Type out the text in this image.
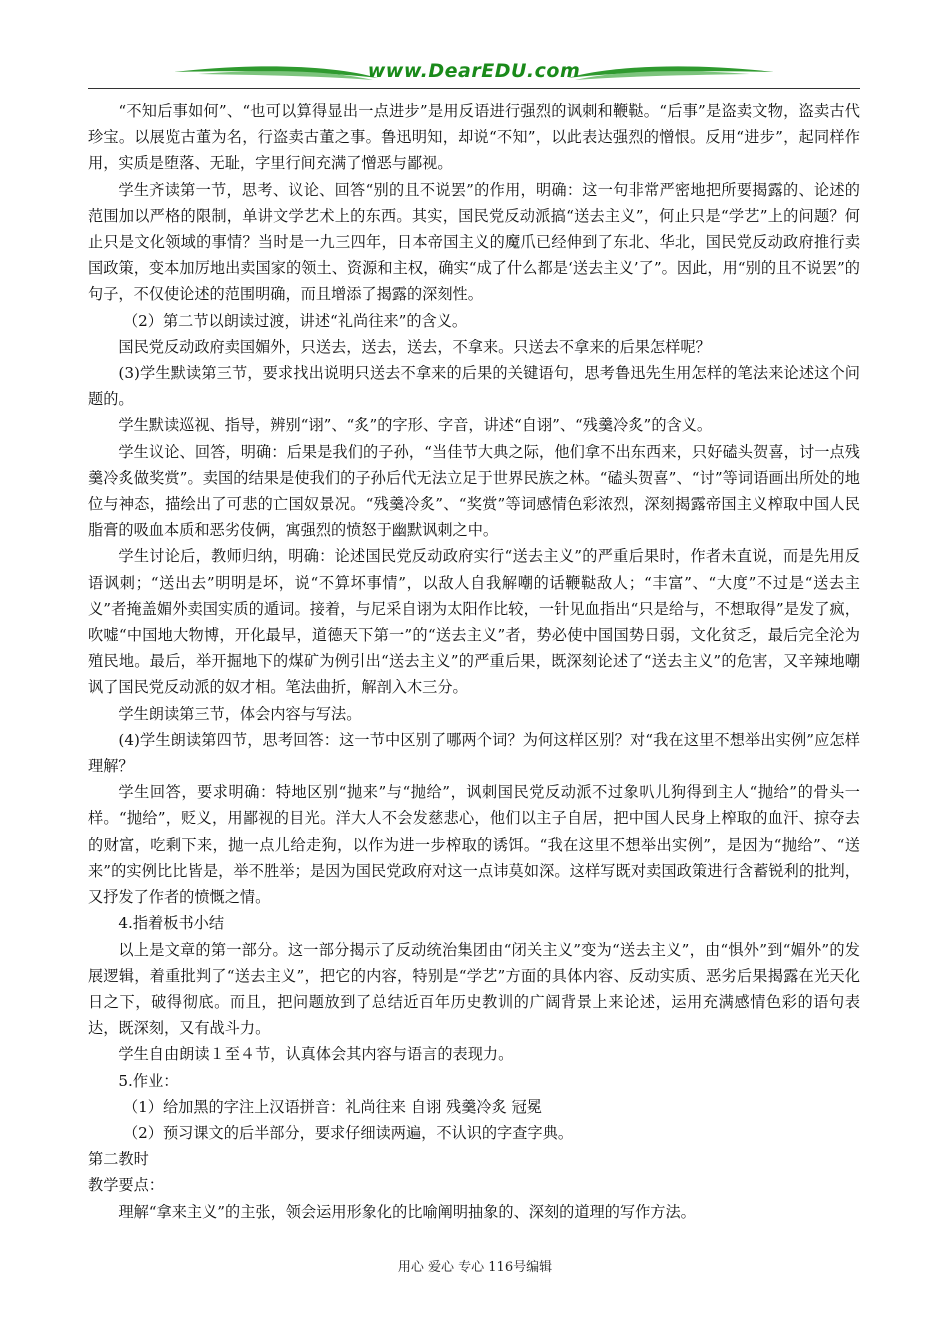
www.DearEDU.com

“不知后事如何”、“也可以算得显出一点进步”是用反语进行强烈的讽刺和鞭鞑。“后事”是盗卖文物，盗卖古代珍宝。以展览古董为名，行盗卖古董之事。鲁迅明知，却说“不知”，以此表达强烈的憎恨。反用“进步”，起同样作用，实质是堕落、无耻，字里行间充满了憎恶与鄙视。

学生齐读第一节，思考、议论、回答“别的且不说罢”的作用，明确：这一句非常严密地把所要揭露的、论述的范围加以严格的限制，单讲文学艺术上的东西。其实，国民党反动派搞“送去主义”，何止只是“学艺”上的问题？何止只是文化领域的事情？当时是一九三四年，日本帝国主义的魔爪已经伸到了东北、华北，国民党反动政府推行卖国政策，变本加厉地出卖国家的领土、资源和主权，确实“成了什么都是‘送去主义’了”。因此，用“别的且不说罢”的句子，不仅使论述的范围明确，而且增添了揭露的深刻性。

（2）第二节以朗读过渡，讲述“礼尚往来”的含义。

国民党反动政府卖国媚外，只送去，送去，送去，不拿来。只送去不拿来的后果怎样呢？

(3)学生默读第三节，要求找出说明只送去不拿来的后果的关键语句，思考鲁迅先生用怎样的笔法来论述这个问题的。

学生默读巡视、指导，辨别“诩”、“炙”的字形、字音，讲述“自诩”、“残羹冷炙”的含义。

学生议论、回答，明确：后果是我们的子孙，“当佳节大典之际，他们拿不出东西来，只好磕头贺喜，讨一点残羹冷炙做奖赏”。卖国的结果是使我们的子孙后代无法立足于世界民族之林。“磕头贺喜”、“讨”等词语画出所处的地位与神态，描绘出了可悲的亡国奴景况。“残羹冷炙”、“奖赏”等词感情色彩浓烈，深刻揭露帝国主义榨取中国人民脂膏的吸血本质和恶劣伎俩，寓强烈的愤怒于幽默讽刺之中。

学生讨论后，教师归纳，明确：论述国民党反动政府实行“送去主义”的严重后果时，作者未直说，而是先用反语讽刺；“送出去”明明是坏，说“不算坏事情”，以敌人自我解嘲的话鞭鞑敌人；“丰富”、“大度”不过是“送去主义”者掩盖媚外卖国实质的遁词。接着，与尼采自诩为太阳作比较，一针见血指出“只是给与，不想取得”是发了疯，吹嘘“中国地大物博，开化最早，道德天下第一”的“送去主义”者，势必使中国国势日弱，文化贫乏，最后完全沦为殖民地。最后，举开掘地下的煤矿为例引出“送去主义”的严重后果，既深刻论述了“送去主义”的危害，又辛辣地嘲讽了国民党反动派的奴才相。笔法曲折，解剖入木三分。

学生朗读第三节，体会内容与写法。

(4)学生朗读第四节，思考回答：这一节中区别了哪两个词？为何这样区别？对“我在这里不想举出实例”应怎样理解？

学生回答，要求明确：特地区别“抛来”与“抛给”，讽刺国民党反动派不过象叭儿狗得到主人“抛给”的骨头一样。“抛给”，贬义，用鄙视的目光。洋大人不会发慈悲心，他们以主子自居，把中国人民身上榨取的血汗、掠夺去的财富，吃剩下来，抛一点儿给走狗，以作为进一步榨取的诱饵。“我在这里不想举出实例”，是因为“抛给”、“送来”的实例比比皆是，举不胜举；是因为国民党政府对这一点讳莫如深。这样写既对卖国政策进行含蓄锐利的批判，又抒发了作者的愤慨之情。

4.指着板书小结

以上是文章的第一部分。这一部分揭示了反动统治集团由“闭关主义”变为“送去主义”，由“惧外”到“媚外”的发展逻辑，着重批判了“送去主义”，把它的内容，特别是“学艺”方面的具体内容、反动实质、恶劣后果揭露在光天化日之下，破得彻底。而且，把问题放到了总结近百年历史教训的广阔背景上来论述，运用充满感情色彩的语句表达，既深刻，又有战斗力。

学生自由朗读１至４节，认真体会其内容与语言的表现力。

5.作业：

（1）给加黑的字注上汉语拼音：礼尚往来 自诩 残羹冷炙 冠冕

（2）预习课文的后半部分，要求仔细读两遍，不认识的字查字典。

第二教时

教学要点：

理解“拿来主义”的主张，领会运用形象化的比喻阐明抽象的、深刻的道理的写作方法。

用心 爱心 专心 116号编辑
